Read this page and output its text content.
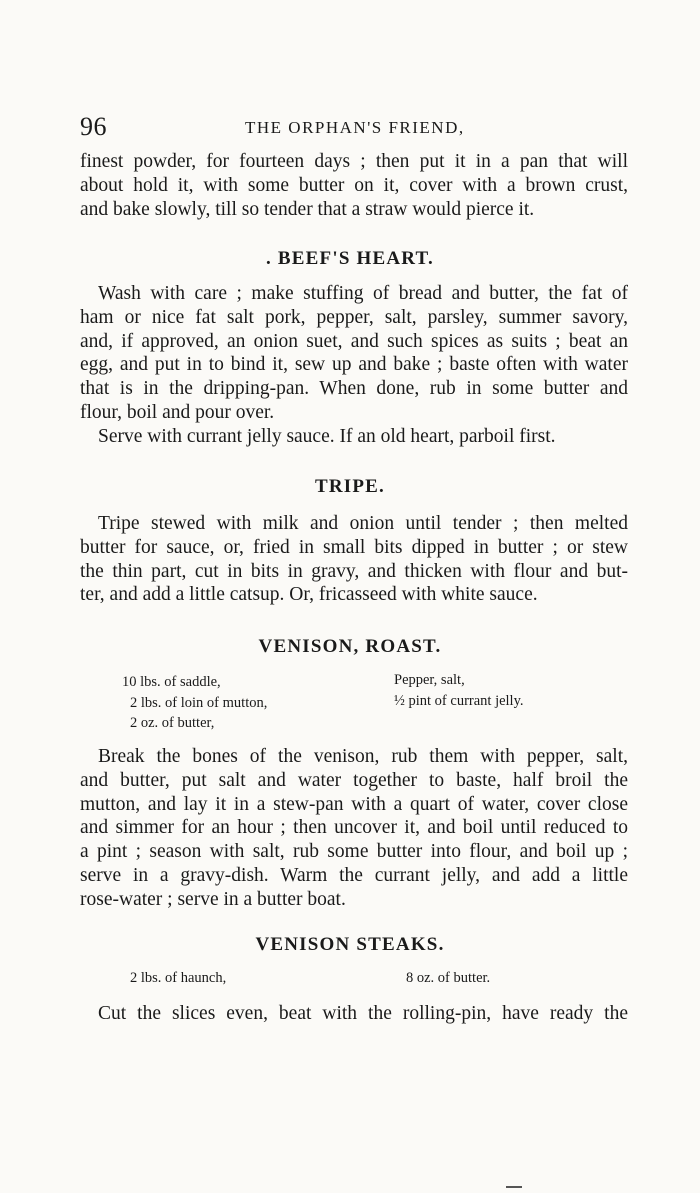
96	THE ORPHAN'S FRIEND,

finest powder, for fourteen days ; then put it in a pan that will
about hold it, with some butter on it, cover with a brown crust,
and bake slowly, till so tender that a straw would pierce it.

. BEEF'S HEART.

Wash with care ; make stuffing of bread and butter, the fat of
ham or nice fat salt pork, pepper, salt, parsley, summer savory,
and, if approved, an onion suet, and such spices as suits ; beat an
egg, and put in to bind it, sew up and bake ; baste often with water
that is in the dripping-pan. When done, rub in some butter and
flour, boil and pour over.
Serve with currant jelly sauce. If an old heart, parboil first.

TRIPE.

Tripe stewed with milk and onion until tender ; then melted
butter for sauce, or, fried in small bits dipped in butter ; or stew
the thin part, cut in bits in gravy, and thicken with flour and but-
ter, and add a little catsup. Or, fricasseed with white sauce.

VENISON, ROAST.
10 lbs. of saddle,
2 lbs. of loin of mutton,
2 oz. of butter,
Pepper, salt,
½ pint of currant jelly.

Break the bones of the venison, rub them with pepper, salt,
and butter, put salt and water together to baste, half broil the
mutton, and lay it in a stew-pan with a quart of water, cover close
and simmer for an hour ; then uncover it, and boil until reduced to
a pint ; season with salt, rub some butter into flour, and boil up ;
serve in a gravy-dish. Warm the currant jelly, and add a little
rose-water ; serve in a butter boat.

VENISON STEAKS.
2 lbs. of haunch,	8 oz. of butter.

Cut the slices even, beat with the rolling-pin, have ready the
